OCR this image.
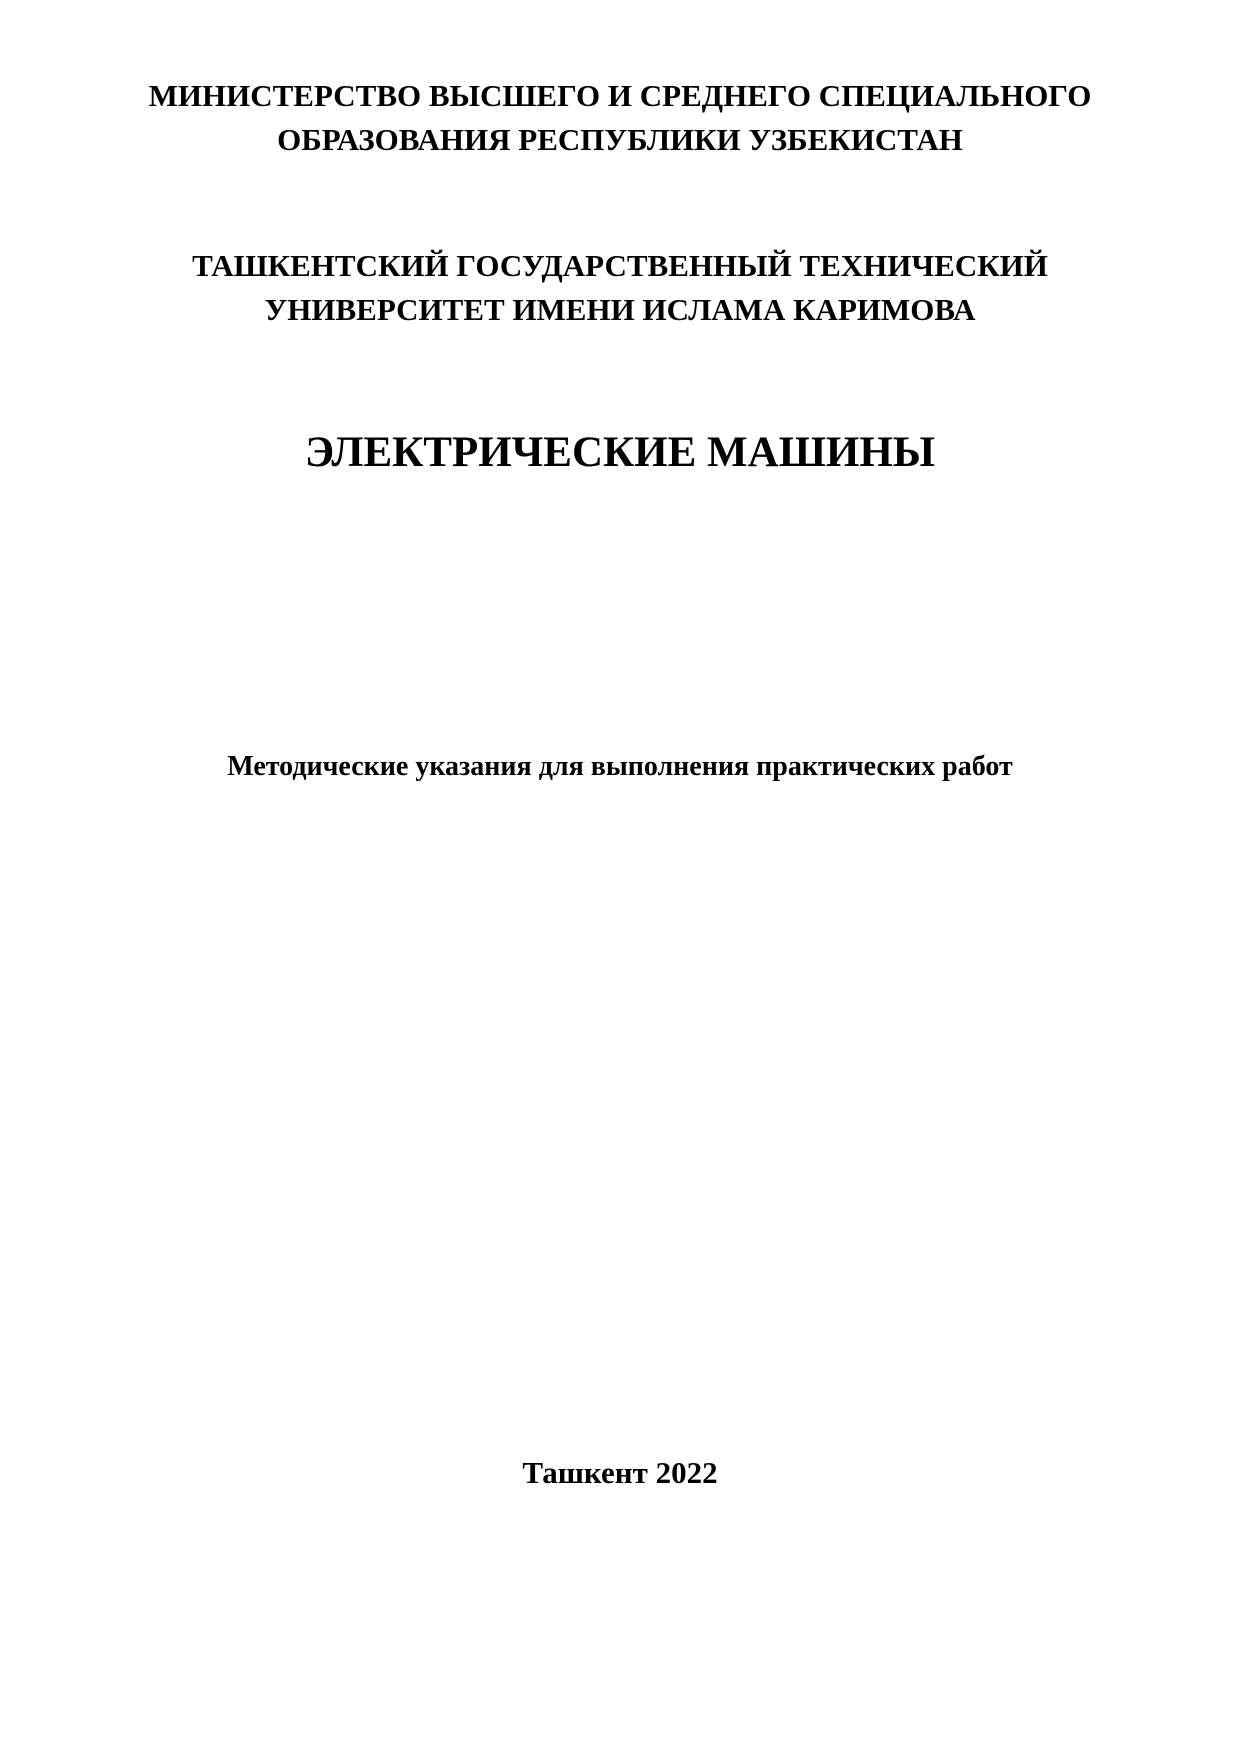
МИНИСТЕРСТВО ВЫСШЕГО И СРЕДНЕГО СПЕЦИАЛЬНОГО
ОБРАЗОВАНИЯ РЕСПУБЛИКИ УЗБЕКИСТАН
ТАШКЕНТСКИЙ ГОСУДАРСТВЕННЫЙ ТЕХНИЧЕСКИЙ
УНИВЕРСИТЕТ ИМЕНИ ИСЛАМА КАРИМОВА
ЭЛЕКТРИЧЕСКИЕ МАШИНЫ
Методические указания для выполнения практических работ
Ташкент 2022
